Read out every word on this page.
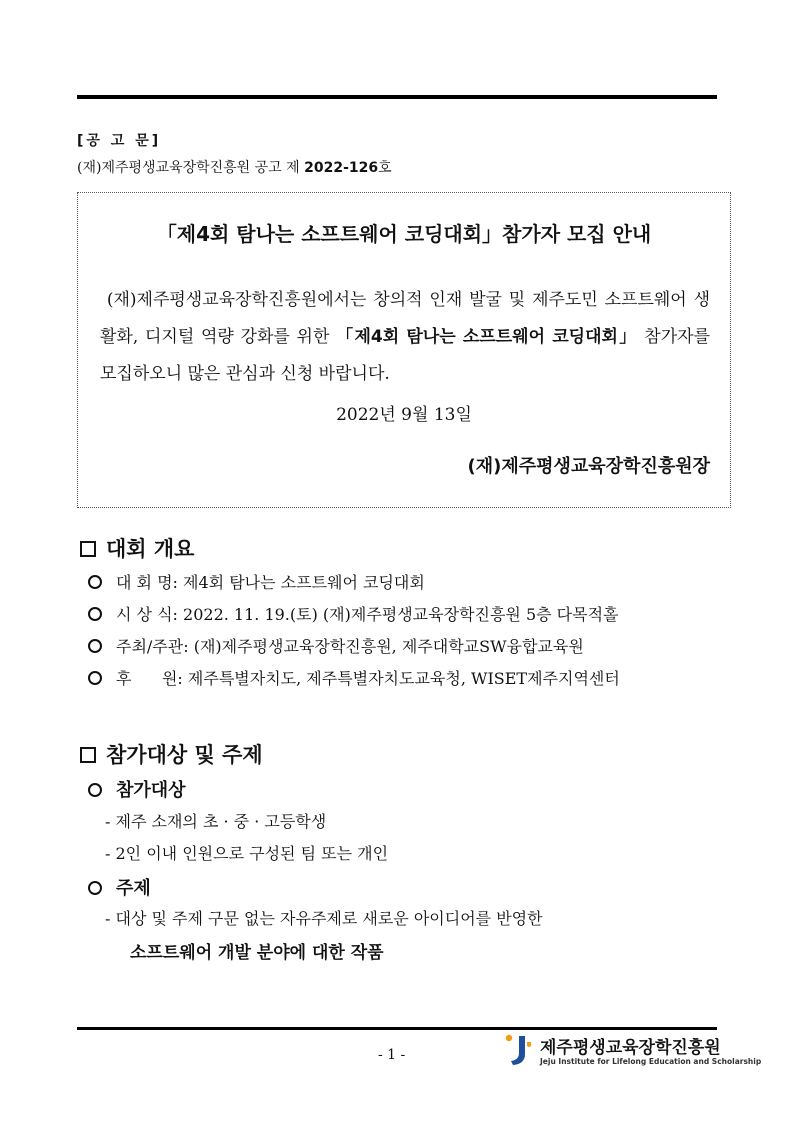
[공 고 문]
(재)제주평생교육장학진흥원 공고 제 2022-126호
「제4회 탐나는 소프트웨어 코딩대회」참가자 모집 안내
(재)제주평생교육장학진흥원에서는 창의적 인재 발굴 및 제주도민 소프트웨어 생활화, 디지털 역량 강화를 위한 「제4회 탐나는 소프트웨어 코딩대회」 참가자를 모집하오니 많은 관심과 신청 바랍니다.
2022년 9월 13일
(재)제주평생교육장학진흥원장
대회 개요
대 회 명: 제4회 탐나는 소프트웨어 코딩대회
시 상 식: 2022. 11. 19.(토) (재)제주평생교육장학진흥원 5층 다목적홀
주최/주관: (재)제주평생교육장학진흥원, 제주대학교SW융합교육원
후      원: 제주특별자치도, 제주특별자치도교육청, WISET제주지역센터
참가대상 및 주제
참가대상
- 제주 소재의 초 · 중 · 고등학생
- 2인 이내 인원으로 구성된 팀 또는 개인
주제
- 대상 및 주제 구문 없는 자유주제로 새로운 아이디어를 반영한
소프트웨어 개발 분야에 대한 작품
- 1 -	제주평생교육장학진흥원
Jeju Institute for Lifelong Education and Scholarship
